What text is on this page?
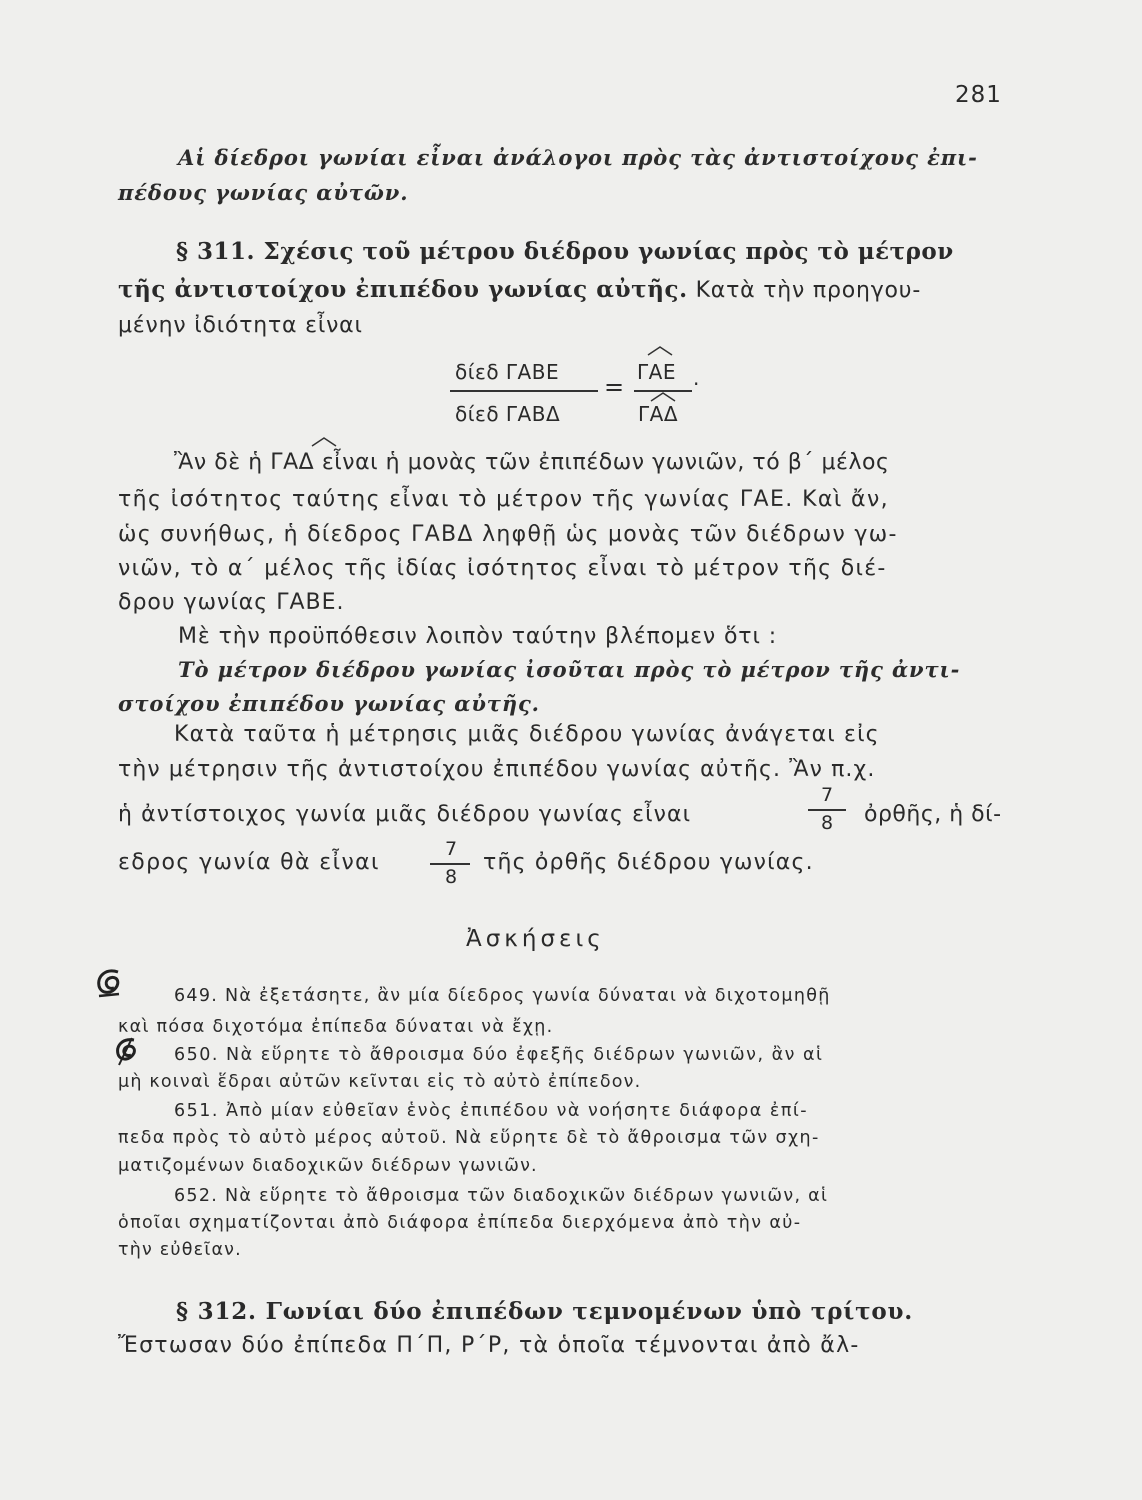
281
Αἱ δίεδροι γωνίαι εἶναι ἀνάλογοι πρὸς τὰς ἀντιστοίχους ἐπι-
πέδους γωνίας αὐτῶν.
§ 311. Σχέσις τοῦ μέτρου διέδρου γωνίας πρὸς τὸ μέτρον
τῆς ἀντιστοίχου ἐπιπέδου γωνίας αὐτῆς. Κατὰ τὴν προηγου-
μένην ἰδιότητα εἶναι
δίεδ ΓΑΒΕ
δίεδ ΓΑΒΔ
=
ΓΑΕ
ΓΑΔ
.
Ἂν δὲ ἡ ΓΑΔ εἶναι ἡ μονὰς τῶν ἐπιπέδων γωνιῶν, τό β΄ μέλος
τῆς ἰσότητος ταύτης εἶναι τὸ μέτρον τῆς γωνίας ΓΑΕ. Καὶ ἄν,
ὡς συνήθως, ἡ δίεδρος ΓΑΒΔ ληφθῇ ὡς μονὰς τῶν διέδρων γω-
νιῶν, τὸ α΄ μέλος τῆς ἰδίας ἰσότητος εἶναι τὸ μέτρον τῆς διέ-
δρου γωνίας ΓΑΒΕ.
Μὲ τὴν προϋπόθεσιν λοιπὸν ταύτην βλέπομεν ὅτι :
Τὸ μέτρον διέδρου γωνίας ἰσοῦται πρὸς τὸ μέτρον τῆς ἀντι-
στοίχου ἐπιπέδου γωνίας αὐτῆς.
Κατὰ ταῦτα ἡ μέτρησις μιᾶς διέδρου γωνίας ἀνάγεται εἰς
τὴν μέτρησιν τῆς ἀντιστοίχου ἐπιπέδου γωνίας αὐτῆς. Ἂν π.χ.
ἡ ἀντίστοιχος γωνία μιᾶς διέδρου γωνίας εἶναι
7
8	ὀρθῆς, ἡ δί-
εδρος γωνία θὰ εἶναι
7
8
τῆς ὀρθῆς διέδρου γωνίας.
Ἀσκήσεις
649. Νὰ ἐξετάσητε, ἂν μία δίεδρος γωνία δύναται νὰ διχοτομηθῇ
καὶ πόσα διχοτόμα ἐπίπεδα δύναται νὰ ἔχῃ.
650. Νὰ εὕρητε τὸ ἄθροισμα δύο ἐφεξῆς διέδρων γωνιῶν, ἂν αἱ
μὴ κοιναὶ ἕδραι αὐτῶν κεῖνται εἰς τὸ αὐτὸ ἐπίπεδον.
651. Ἀπὸ μίαν εὐθεῖαν ἑνὸς ἐπιπέδου νὰ νοήσητε διάφορα ἐπί-
πεδα πρὸς τὸ αὐτὸ μέρος αὐτοῦ. Νὰ εὕρητε δὲ τὸ ἄθροισμα τῶν σχη-
ματιζομένων διαδοχικῶν διέδρων γωνιῶν.
652. Νὰ εὕρητε τὸ ἄθροισμα τῶν διαδοχικῶν διέδρων γωνιῶν, αἱ
ὁποῖαι σχηματίζονται ἀπὸ διάφορα ἐπίπεδα διερχόμενα ἀπὸ τὴν αὐ-
τὴν εὐθεῖαν.
§ 312. Γωνίαι δύο ἐπιπέδων τεμνομένων ὑπὸ τρίτου.
Ἔστωσαν δύο ἐπίπεδα Π΄Π, Ρ΄Ρ, τὰ ὁποῖα τέμνονται ἀπὸ ἄλ-
